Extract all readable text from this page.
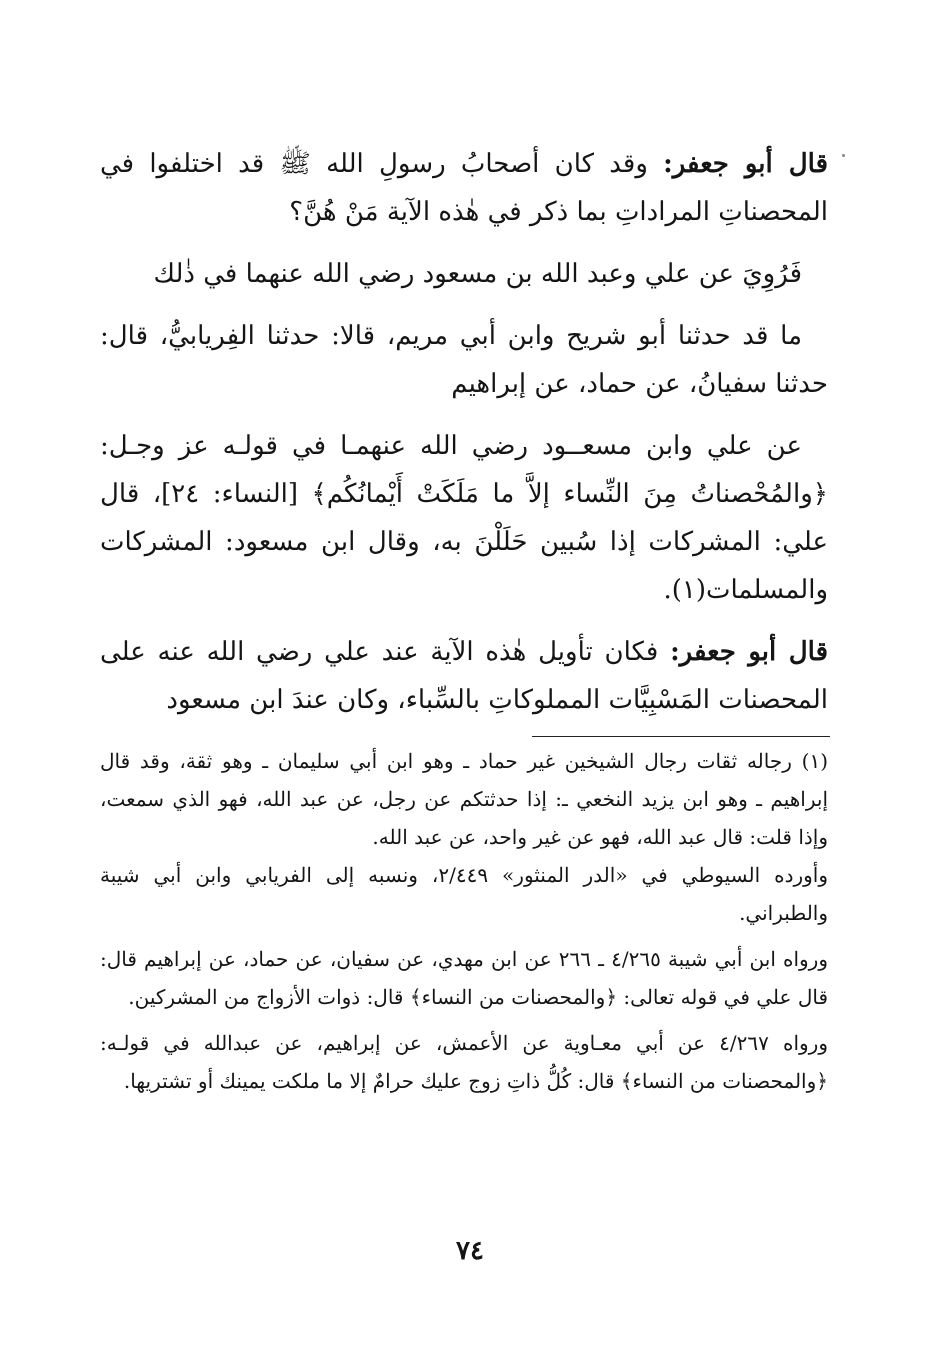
قال أبو جعفر: وقد كان أصحابُ رسولِ الله ﷺ قد اختلفوا في المحصناتِ المراداتِ بما ذكر في هٰذه الآية مَنْ هُنَّ؟

فَرُوِيَ عن علي وعبد الله بن مسعود رضي الله عنهما في ذٰلك

ما قد حدثنا أبو شريح وابن أبي مريم، قالا: حدثنا الفِريابيُّ، قال: حدثنا سفيانُ، عن حماد، عن إبراهيم

عن علي وابن مسعــود رضي الله عنهمـا في قولـه عز وجـل: ﴿والمُحْصناتُ مِنَ النِّساء إلاَّ ما مَلَكَتْ أَيْمانُكُم﴾ [النساء: ٢٤]، قال علي: المشركات إذا سُبين حَلَلْنَ به، وقال ابن مسعود: المشركات والمسلمات(١).

قال أبو جعفر: فكان تأويل هٰذه الآية عند علي رضي الله عنه على المحصنات المَسْبِيَّات المملوكاتِ بالسِّباء، وكان عندَ ابن مسعود

(١) رجاله ثقات رجال الشيخين غير حماد ـ وهو ابن أبي سليمان ـ وهو ثقة، وقد قال إبراهيم ـ وهو ابن يزيد النخعي ـ: إذا حدثتكم عن رجل، عن عبد الله، فهو الذي سمعت، وإذا قلت: قال عبد الله، فهو عن غير واحد، عن عبد الله.

وأورده السيوطي في «الدر المنثور» ٢/٤٤٩، ونسبه إلى الفريابي وابن أبي شيبة والطبراني.

ورواه ابن أبي شيبة ٤/٢٦٥ ـ ٢٦٦ عن ابن مهدي، عن سفيان، عن حماد، عن إبراهيم قال: قال علي في قوله تعالى: ﴿والمحصنات من النساء﴾ قال: ذوات الأزواج من المشركين.

ورواه ٤/٢٦٧ عن أبي معـاوية عن الأعمش، عن إبراهيم، عن عبدالله في قولـه: ﴿والمحصنات من النساء﴾ قال: كُلُّ ذاتِ زوج عليك حرامٌ إلا ما ملكت يمينك أو تشتريها.

٧٤
